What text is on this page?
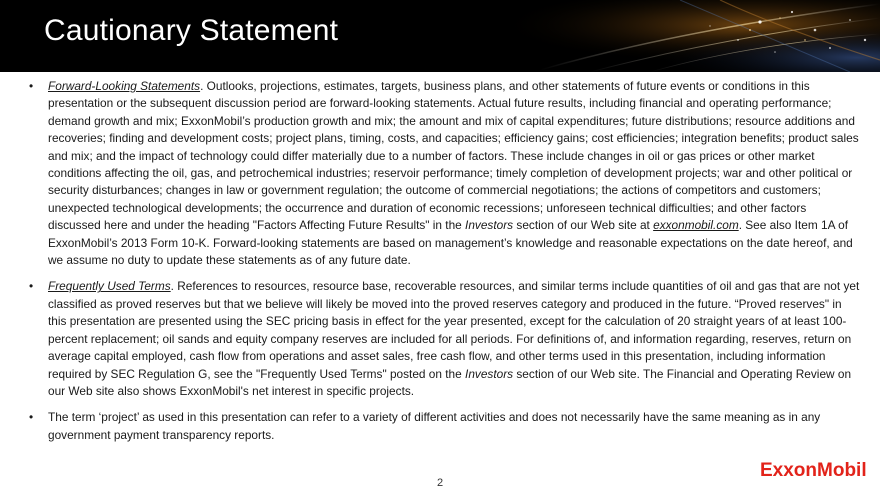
Cautionary Statement

• Forward-Looking Statements. Outlooks, projections, estimates, targets, business plans, and other statements of future events or conditions in this presentation or the subsequent discussion period are forward-looking statements. Actual future results, including financial and operating performance; demand growth and mix; ExxonMobil’s production growth and mix; the amount and mix of capital expenditures; future distributions; resource additions and recoveries; finding and development costs; project plans, timing, costs, and capacities; efficiency gains; cost efficiencies; integration benefits; product sales and mix; and the impact of technology could differ materially due to a number of factors. These include changes in oil or gas prices or other market conditions affecting the oil, gas, and petrochemical industries; reservoir performance; timely completion of development projects; war and other political or security disturbances; changes in law or government regulation; the outcome of commercial negotiations; the actions of competitors and customers; unexpected technological developments; the occurrence and duration of economic recessions; unforeseen technical difficulties; and other factors discussed here and under the heading "Factors Affecting Future Results" in the Investors section of our Web site at exxonmobil.com. See also Item 1A of ExxonMobil’s 2013 Form 10-K. Forward-looking statements are based on management’s knowledge and reasonable expectations on the date hereof, and we assume no duty to update these statements as of any future date.

• Frequently Used Terms. References to resources, resource base, recoverable resources, and similar terms include quantities of oil and gas that are not yet classified as proved reserves but that we believe will likely be moved into the proved reserves category and produced in the future. “Proved reserves" in this presentation are presented using the SEC pricing basis in effect for the year presented, except for the calculation of 20 straight years of at least 100-percent replacement; oil sands and equity company reserves are included for all periods. For definitions of, and information regarding, reserves, return on average capital employed, cash flow from operations and asset sales, free cash flow, and other terms used in this presentation, including information required by SEC Regulation G, see the "Frequently Used Terms" posted on the Investors section of our Web site. The Financial and Operating Review on our Web site also shows ExxonMobil's net interest in specific projects.

• The term ‘project’ as used in this presentation can refer to a variety of different activities and does not necessarily have the same meaning as in any government payment transparency reports.

2
ExxonMobil
